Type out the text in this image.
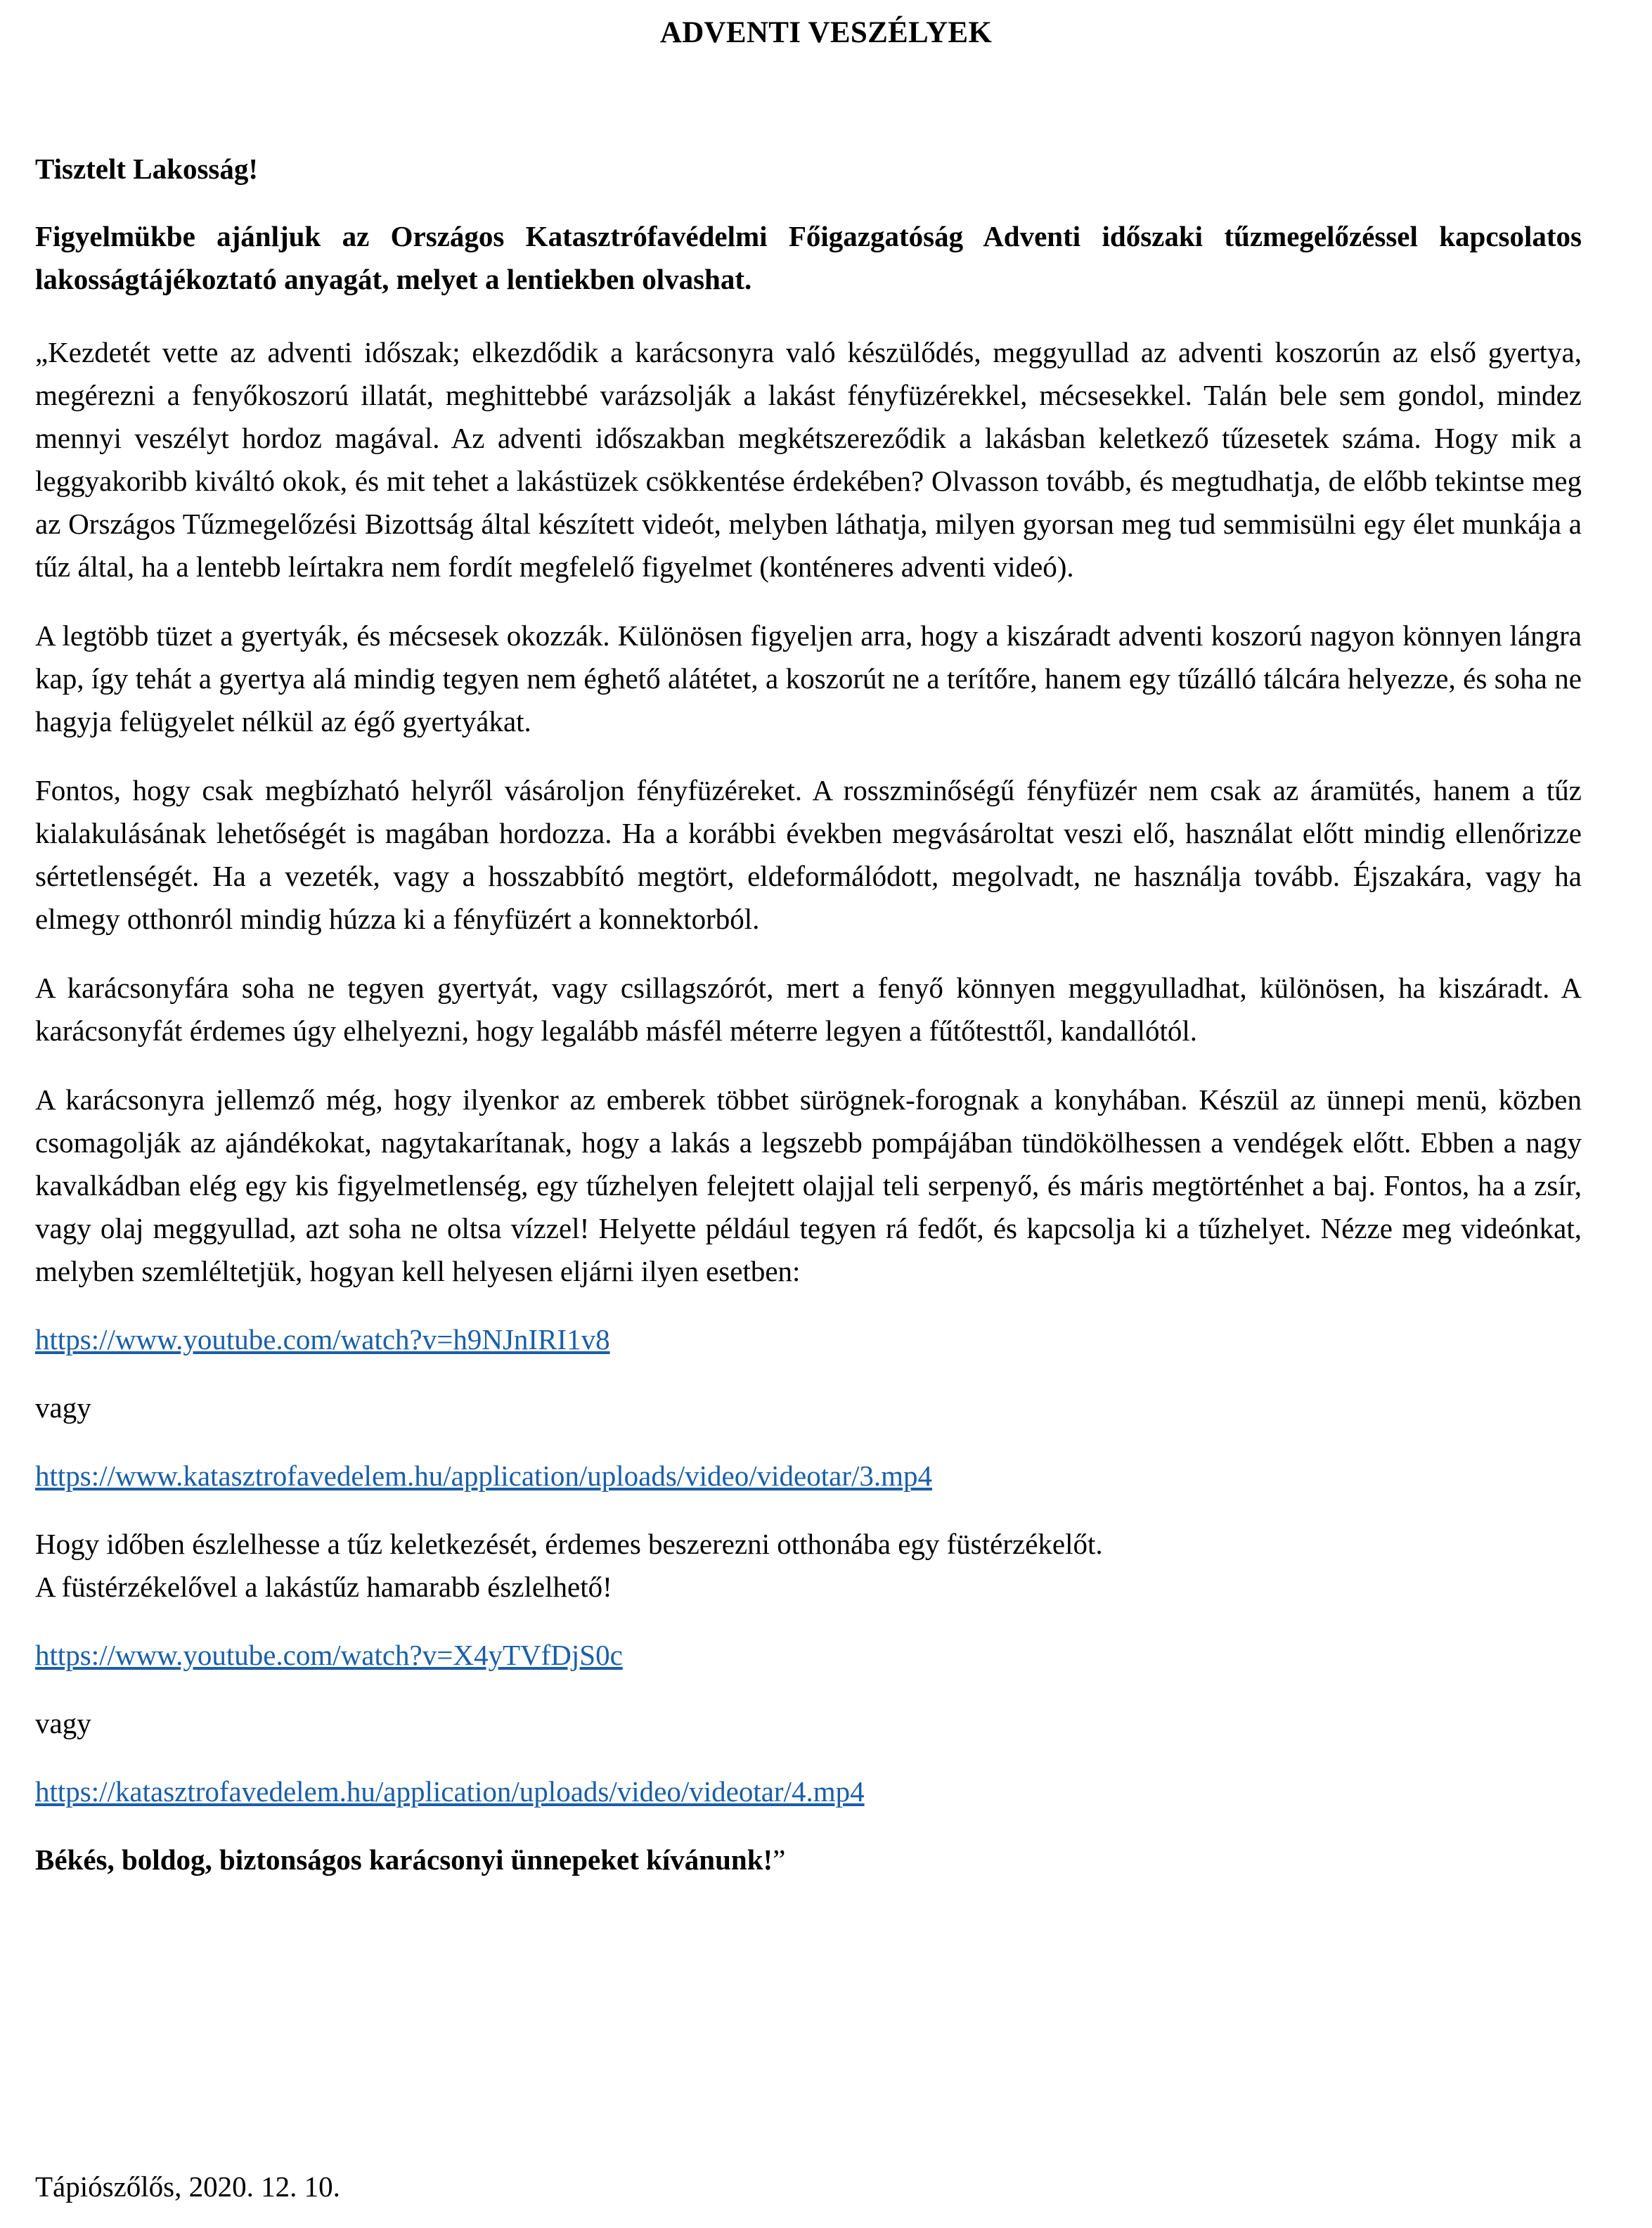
ADVENTI VESZÉLYEK

Tisztelt Lakosság!

Figyelmükbe ajánljuk az Országos Katasztrófavédelmi Főigazgatóság Adventi időszaki tűzmegelőzéssel kapcsolatos lakosságtájékoztató anyagát, melyet a lentiekben olvashat.

„Kezdetét vette az adventi időszak; elkezdődik a karácsonyra való készülődés, meggyullad az adventi koszorún az első gyertya, megérezni a fenyőkoszorú illatát, meghittebbé varázsolják a lakást fényfüzérekkel, mécsesekkel. Talán bele sem gondol, mindez mennyi veszélyt hordoz magával. Az adventi időszakban megkétszereződik a lakásban keletkező tűzesetek száma. Hogy mik a leggyakoribb kiváltó okok, és mit tehet a lakástüzek csökkentése érdekében? Olvasson tovább, és megtudhatja, de előbb tekintse meg az Országos Tűzmegelőzési Bizottság által készített videót, melyben láthatja, milyen gyorsan meg tud semmisülni egy élet munkája a tűz által, ha a lentebb leírtakra nem fordít megfelelő figyelmet (konténeres adventi videó).

A legtöbb tüzet a gyertyák, és mécsesek okozzák. Különösen figyeljen arra, hogy a kiszáradt adventi koszorú nagyon könnyen lángra kap, így tehát a gyertya alá mindig tegyen nem éghető alátétet, a koszorút ne a terítőre, hanem egy tűzálló tálcára helyezze, és soha ne hagyja felügyelet nélkül az égő gyertyákat.

Fontos, hogy csak megbízható helyről vásároljon fényfüzéreket. A rosszminőségű fényfüzér nem csak az áramütés, hanem a tűz kialakulásának lehetőségét is magában hordozza. Ha a korábbi években megvásároltat veszi elő, használat előtt mindig ellenőrizze sértetlenségét. Ha a vezeték, vagy a hosszabbító megtört, eldeformálódott, megolvadt, ne használja tovább. Éjszakára, vagy ha elmegy otthonról mindig húzza ki a fényfüzért a konnektorból.

A karácsonyfára soha ne tegyen gyertyát, vagy csillagszórót, mert a fenyő könnyen meggyulladhat, különösen, ha kiszáradt. A karácsonyfát érdemes úgy elhelyezni, hogy legalább másfél méterre legyen a fűtőtesttől, kandallótól.

A karácsonyra jellemző még, hogy ilyenkor az emberek többet sürögnek-forognak a konyhában. Készül az ünnepi menü, közben csomagolják az ajándékokat, nagytakarítanak, hogy a lakás a legszebb pompájában tündökölhessen a vendégek előtt. Ebben a nagy kavalkádban elég egy kis figyelmetlenség, egy tűzhelyen felejtett olajjal teli serpenyő, és máris megtörténhet a baj. Fontos, ha a zsír, vagy olaj meggyullad, azt soha ne oltsa vízzel! Helyette például tegyen rá fedőt, és kapcsolja ki a tűzhelyet. Nézze meg videónkat, melyben szemléltetjük, hogyan kell helyesen eljárni ilyen esetben:

https://www.youtube.com/watch?v=h9NJnIRI1v8

vagy

https://www.katasztrofavedelem.hu/application/uploads/video/videotar/3.mp4

Hogy időben észlelhesse a tűz keletkezését, érdemes beszerezni otthonába egy füstérzékelőt.

A füstérzékelővel a lakástűz hamarabb észlelhető!

https://www.youtube.com/watch?v=X4yTVfDjS0c

vagy

https://katasztrofavedelem.hu/application/uploads/video/videotar/4.mp4

Békés, boldog, biztonságos karácsonyi ünnepeket kívánunk!”

Tápiószőlős, 2020. 12. 10.
